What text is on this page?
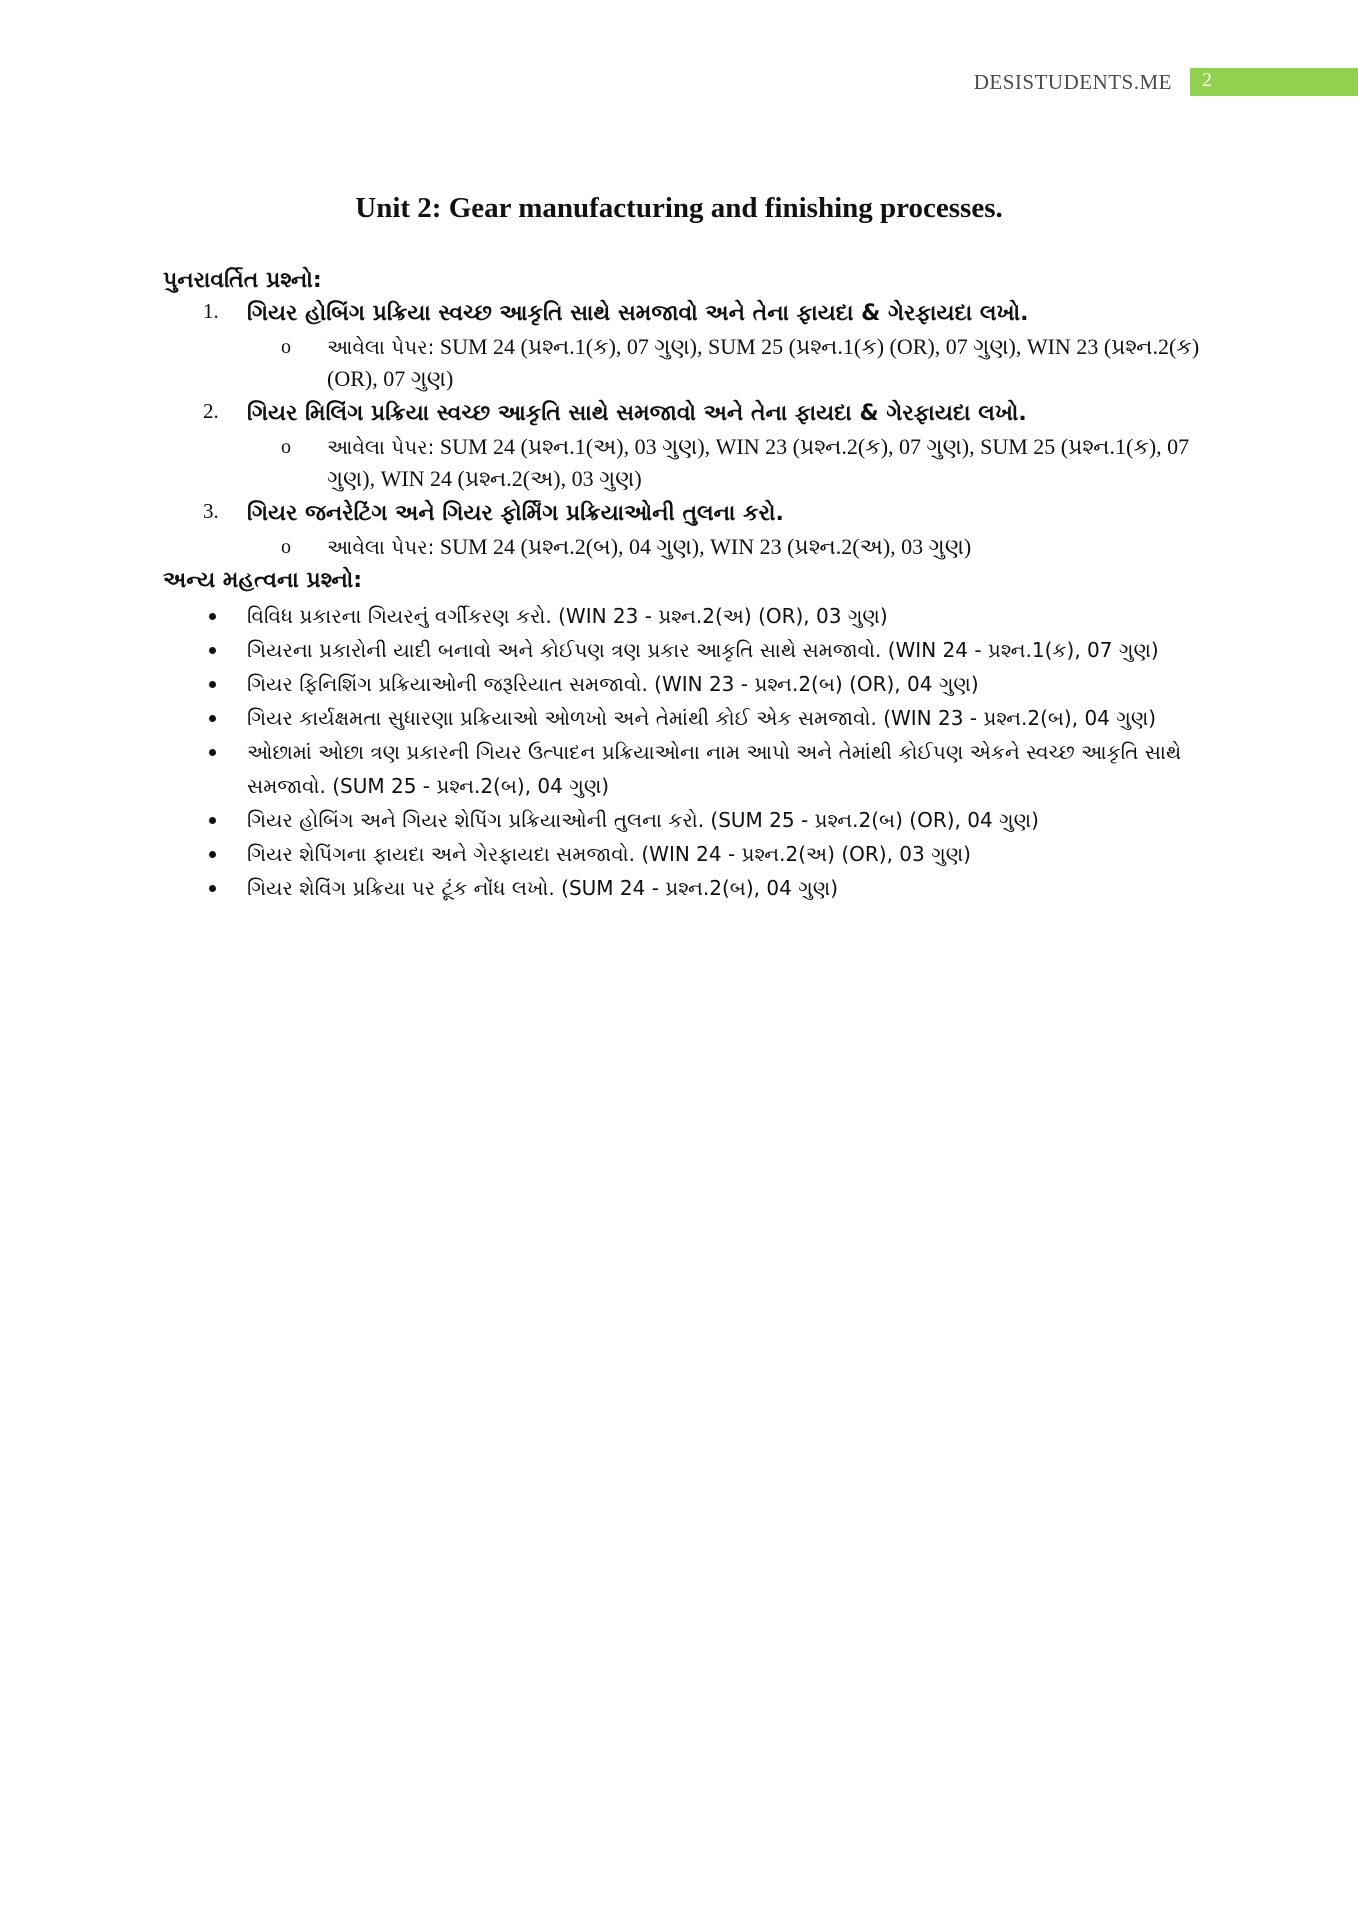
DESISTUDENTS.ME 2
Unit 2: Gear manufacturing and finishing processes.

પુનરાવર્તિત પ્રશ્નો:

1. ગિયર હોબિંગ પ્રક્રિયા સ્વચ્છ આકૃતિ સાથે સમજાવો અને તેના ફાયદા & ગેરફાયદા લખો.
o આવેલા પેપર: SUM 24 (પ્રશ્ન.1(ક), 07 ગુણ), SUM 25 (પ્રશ્ન.1(ક) (OR), 07 ગુણ), WIN 23 (પ્રશ્ન.2(ક) (OR), 07 ગુણ)
2. ગિયર મિલિંગ પ્રક્રિયા સ્વચ્છ આકૃતિ સાથે સમજાવો અને તેના ફાયદા & ગેરફાયદા લખો.
o આવેલા પેપર: SUM 24 (પ્રશ્ન.1(અ), 03 ગુણ), WIN 23 (પ્રશ્ન.2(ક), 07 ગુણ), SUM 25 (પ્રશ્ન.1(ક), 07 ગુણ), WIN 24 (પ્રશ્ન.2(અ), 03 ગુણ)
3. ગિયર જનરેટિંગ અને ગિયર ફોર્મિંગ પ્રક્રિયાઓની તુલના કરો.
o આવેલા પેપર: SUM 24 (પ્રશ્ન.2(બ), 04 ગુણ), WIN 23 (પ્રશ્ન.2(અ), 03 ગુણ)

અન્ય મહત્વના પ્રશ્નો:

વિવિધ પ્રકારના ગિયરનું વર્ગીકરણ કરો. (WIN 23 - પ્રશ્ન.2(અ) (OR), 03 ગુણ)
ગિયરના પ્રકારોની યાદી બનાવો અને કોઈપણ ત્રણ પ્રકાર આકૃતિ સાથે સમજાવો. (WIN 24 - પ્રશ્ન.1(ક), 07 ગુણ)
ગિયર ફિનિશિંગ પ્રક્રિયાઓની જરૂરિયાત સમજાવો. (WIN 23 - પ્રશ્ન.2(બ) (OR), 04 ગુણ)
ગિયર કાર્યક્ષમતા સુધારણા પ્રક્રિયાઓ ઓળખો અને તેમાંથી કોઈ એક સમજાવો. (WIN 23 - પ્રશ્ન.2(બ), 04 ગુણ)
ઓછામાં ઓછા ત્રણ પ્રકારની ગિયર ઉત્પાદન પ્રક્રિયાઓના નામ આપો અને તેમાંથી કોઈપણ એકને સ્વચ્છ આકૃતિ સાથે સમજાવો. (SUM 25 - પ્રશ્ન.2(બ), 04 ગુણ)
ગિયર હોબિંગ અને ગિયર શેપિંગ પ્રક્રિયાઓની તુલના કરો. (SUM 25 - પ્રશ્ન.2(બ) (OR), 04 ગુણ)
ગિયર શેપિંગના ફાયદા અને ગેરફાયદા સમજાવો. (WIN 24 - પ્રશ્ન.2(અ) (OR), 03 ગુણ)
ગિયર શેવિંગ પ્રક્રિયા પર ટૂંક નોંધ લખો. (SUM 24 - પ્રશ્ન.2(બ), 04 ગુણ)
